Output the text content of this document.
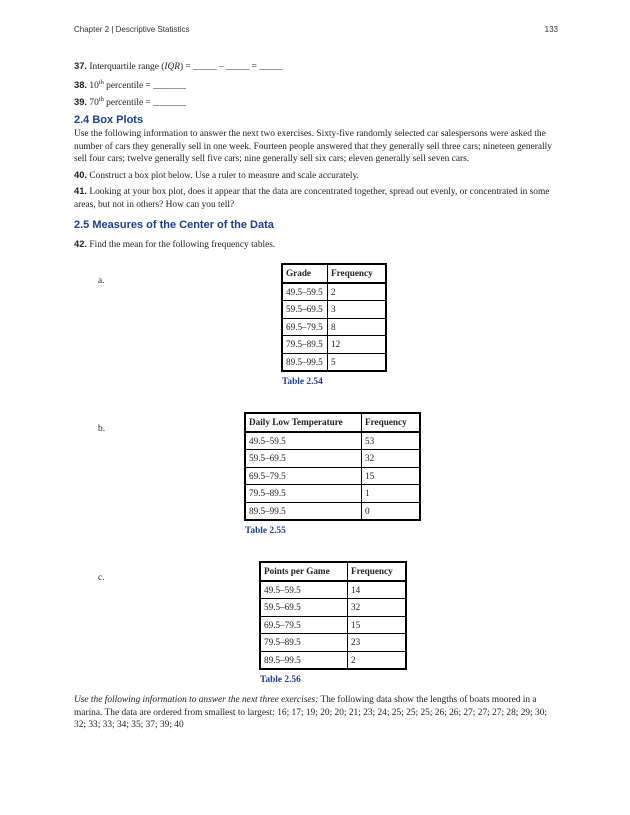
Chapter 2 | Descriptive Statistics	133

37. Interquartile range (IQR) = _____ – _____ = _____

38. 10th percentile = _______

39. 70th percentile = _______

2.4 Box Plots

Use the following information to answer the next two exercises. Sixty-five randomly selected car salespersons were asked the number of cars they generally sell in one week. Fourteen people answered that they generally sell three cars; nineteen generally sell four cars; twelve generally sell five cars; nine generally sell six cars; eleven generally sell seven cars.

40. Construct a box plot below. Use a ruler to measure and scale accurately.

41. Looking at your box plot, does it appear that the data are concentrated together, spread out evenly, or concentrated in some areas, but not in others? How can you tell?

2.5 Measures of the Center of the Data

42. Find the mean for the following frequency tables.

a.
Grade	Frequency
49.5–59.5	2
59.5–69.5	3
69.5–79.5	8
79.5–89.5	12
89.5–99.5	5
Table 2.54
b.
Daily Low Temperature	Frequency
49.5–59.5	53
59.5–69.5	32
69.5–79.5	15
79.5–89.5	1
89.5–99.5	0
Table 2.55
c.
Points per Game	Frequency
49.5–59.5	14
59.5–69.5	32
69.5–79.5	15
79.5–89.5	23
89.5–99.5	2
Table 2.56

Use the following information to answer the next three exercises: The following data show the lengths of boats moored in a marina. The data are ordered from smallest to largest: 16; 17; 19; 20; 20; 21; 23; 24; 25; 25; 25; 26; 26; 27; 27; 27; 28; 29; 30; 32; 33; 33; 34; 35; 37; 39; 40
